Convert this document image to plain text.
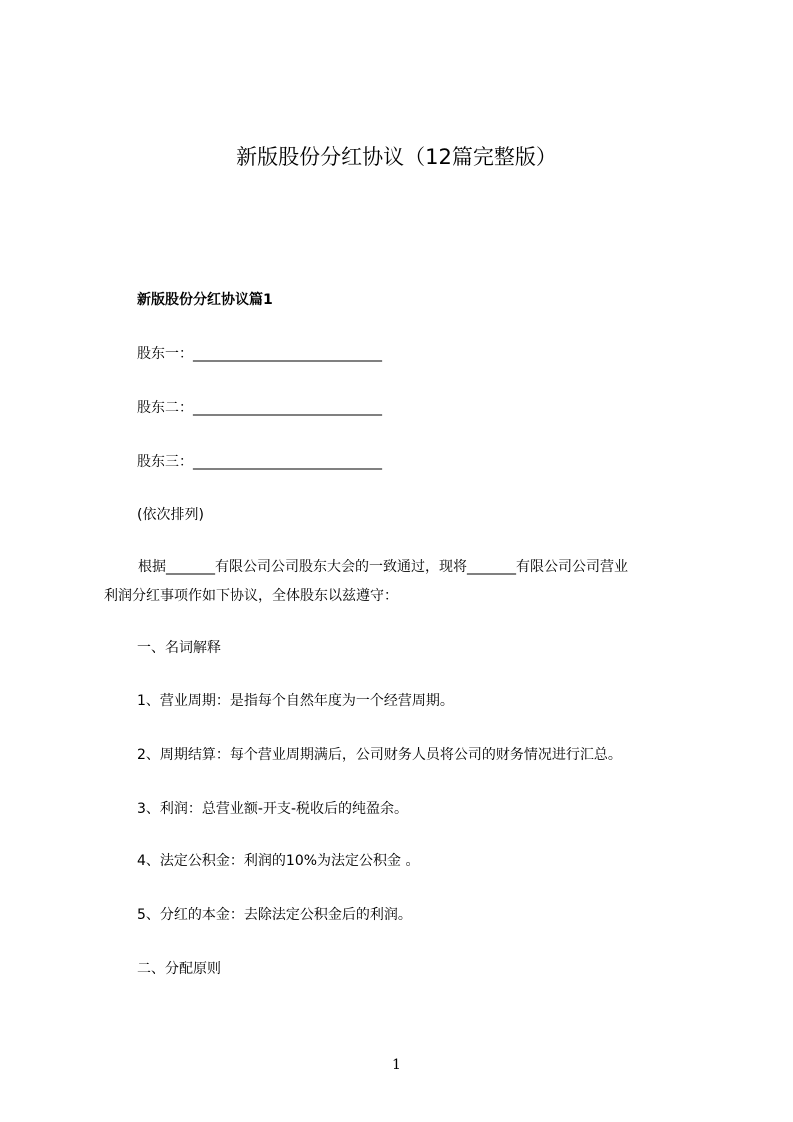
新版股份分红协议（12篇完整版）

新版股份分红协议篇1

股东一：___________________________

股东二：___________________________

股东三：___________________________

(依次排列)

根据_______有限公司公司股东大会的一致通过，现将_______有限公司公司营业
利润分红事项作如下协议，全体股东以兹遵守：

一、名词解释

1、营业周期：是指每个自然年度为一个经营周期。

2、周期结算：每个营业周期满后，公司财务人员将公司的财务情况进行汇总。

3、利润：总营业额-开支-税收后的纯盈余。

4、法定公积金：利润的10%为法定公积金 。

5、分红的本金：去除法定公积金后的利润。

二、分配原则

1
